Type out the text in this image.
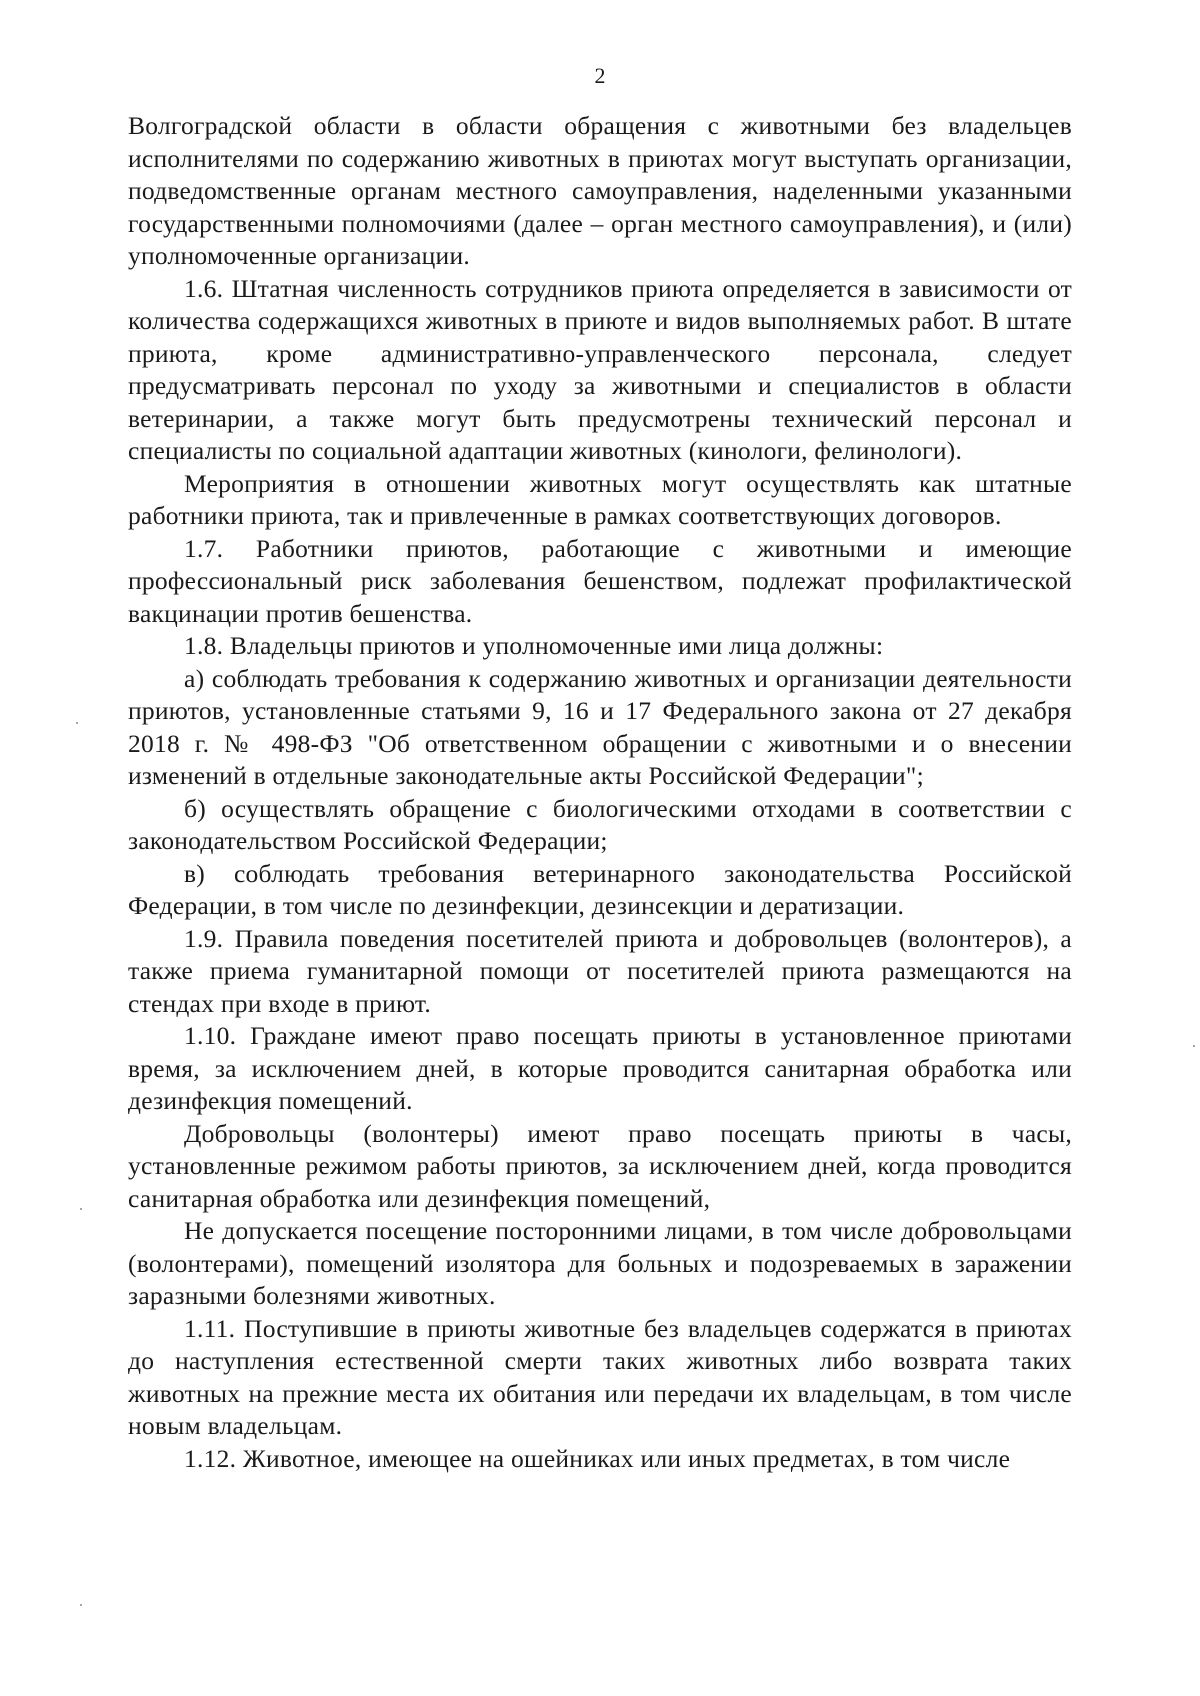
2

Волгоградской области в области обращения с животными без владельцев исполнителями по содержанию животных в приютах могут выступать организации, подведомственные органам местного самоуправления, наделенными указанными государственными полномочиями (далее – орган местного самоуправления), и (или) уполномоченные организации.

1.6. Штатная численность сотрудников приюта определяется в зависимости от количества содержащихся животных в приюте и видов выполняемых работ. В штате приюта, кроме административно-управленческого персонала, следует предусматривать персонал по уходу за животными и специалистов в области ветеринарии, а также могут быть предусмотрены технический персонал и специалисты по социальной адаптации животных (кинологи, фелинологи).

Мероприятия в отношении животных могут осуществлять как штатные работники приюта, так и привлеченные в рамках соответствующих договоров.

1.7. Работники приютов, работающие с животными и имеющие профессиональный риск заболевания бешенством, подлежат профилактической вакцинации против бешенства.

1.8. Владельцы приютов и уполномоченные ими лица должны:

а) соблюдать требования к содержанию животных и организации деятельности приютов, установленные статьями 9, 16 и 17 Федерального закона от 27 декабря 2018 г. № 498-ФЗ "Об ответственном обращении с животными и о внесении изменений в отдельные законодательные акты Российской Федерации";

б) осуществлять обращение с биологическими отходами в соответствии с законодательством Российской Федерации;

в) соблюдать требования ветеринарного законодательства Российской Федерации, в том числе по дезинфекции, дезинсекции и дератизации.

1.9. Правила поведения посетителей приюта и добровольцев (волонтеров), а также приема гуманитарной помощи от посетителей приюта размещаются на стендах при входе в приют.

1.10. Граждане имеют право посещать приюты в установленное приютами время, за исключением дней, в которые проводится санитарная обработка или дезинфекция помещений.

Добровольцы (волонтеры) имеют право посещать приюты в часы, установленные режимом работы приютов, за исключением дней, когда проводится санитарная обработка или дезинфекция помещений,

Не допускается посещение посторонними лицами, в том числе добровольцами (волонтерами), помещений изолятора для больных и подозреваемых в заражении заразными болезнями животных.

1.11. Поступившие в приюты животные без владельцев содержатся в приютах до наступления естественной смерти таких животных либо возврата таких животных на прежние места их обитания или передачи их владельцам, в том числе новым владельцам.

1.12. Животное, имеющее на ошейниках или иных предметах, в том числе
